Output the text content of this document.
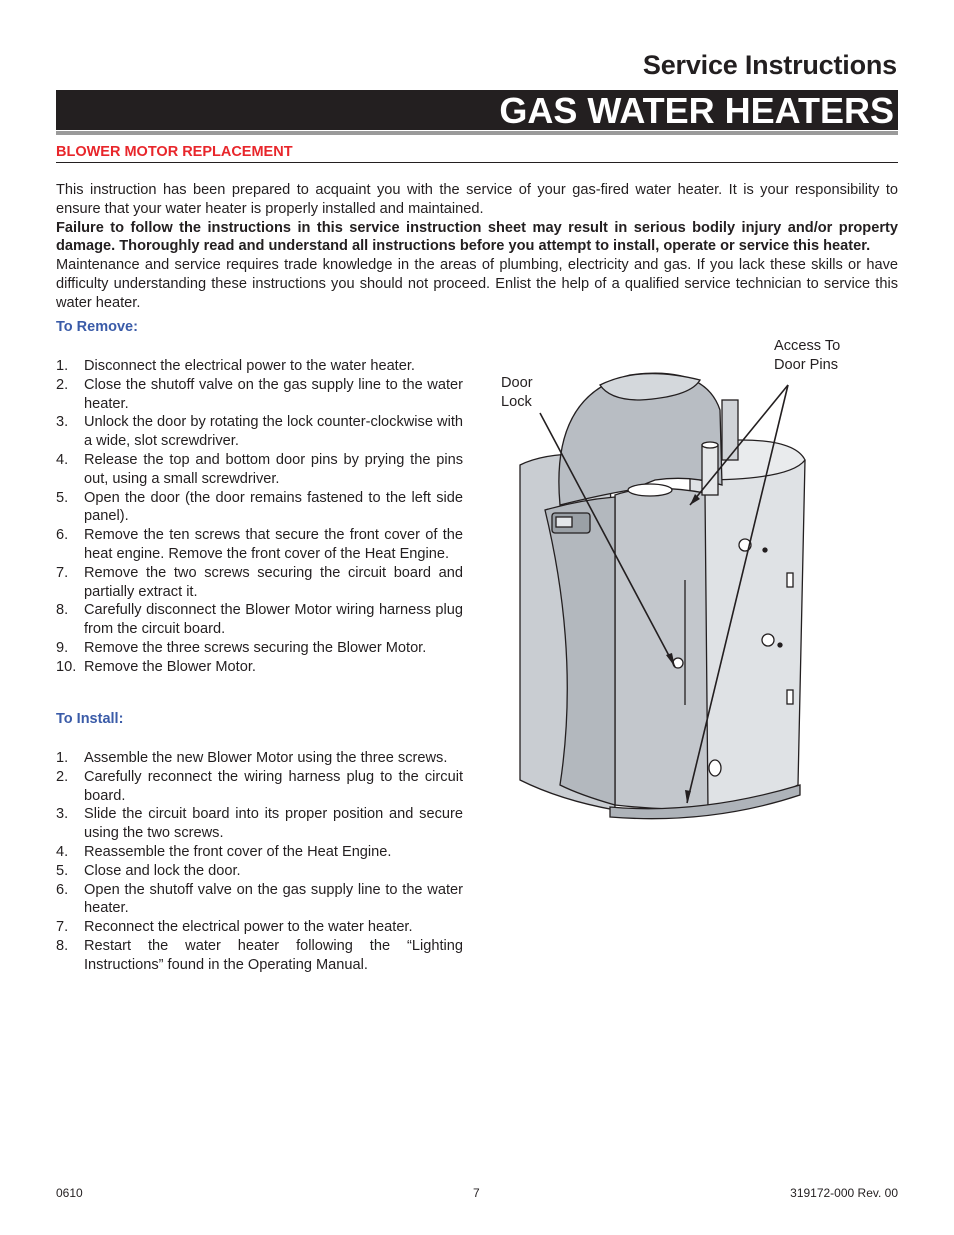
Service Instructions
GAS WATER HEATERS
BLOWER MOTOR REPLACEMENT

This instruction has been prepared to acquaint you with the service of your gas-fired water heater. It is your responsibility to ensure that your water heater is properly installed and maintained.

Failure to follow the instructions in this service instruction sheet may result in serious bodily injury and/or property damage. Thoroughly read and understand all instructions before you attempt to install, operate or service this heater.

Maintenance and service requires trade knowledge in the areas of plumbing, electricity and gas. If you lack these skills or have difficulty understanding these instructions you should not proceed. Enlist the help of a qualified service technician to service this water heater.

To Remove:
1. Disconnect the electrical power to the water heater.
2. Close the shutoff valve on the gas supply line to the water heater.
3. Unlock the door by rotating the lock counter-clockwise with a wide, slot screwdriver.
4. Release the top and bottom door pins by prying the pins out, using a small screwdriver.
5. Open the door (the door remains fastened to the left side panel).
6. Remove the ten screws that secure the front cover of the heat engine. Remove the front cover of the Heat Engine.
7. Remove the two screws securing the circuit board and partially extract it.
8. Carefully disconnect the Blower Motor wiring harness plug from the circuit board.
9. Remove the three screws securing the Blower Motor.
10. Remove the Blower Motor.
To Install:
1. Assemble the new Blower Motor using the three screws.
2. Carefully reconnect the wiring harness plug to the circuit board.
3. Slide the circuit board into its proper position and secure using the two screws.
4. Reassemble the front cover of the Heat Engine.
5. Close and lock the door.
6. Open the shutoff valve on the gas supply line to the water heater.
7. Reconnect the electrical power to the water heater.
8. Restart the water heater following the “Lighting Instructions” found in the Operating Manual.
Door
Lock
Access To
Door Pins
0610	7	319172-000 Rev. 00
